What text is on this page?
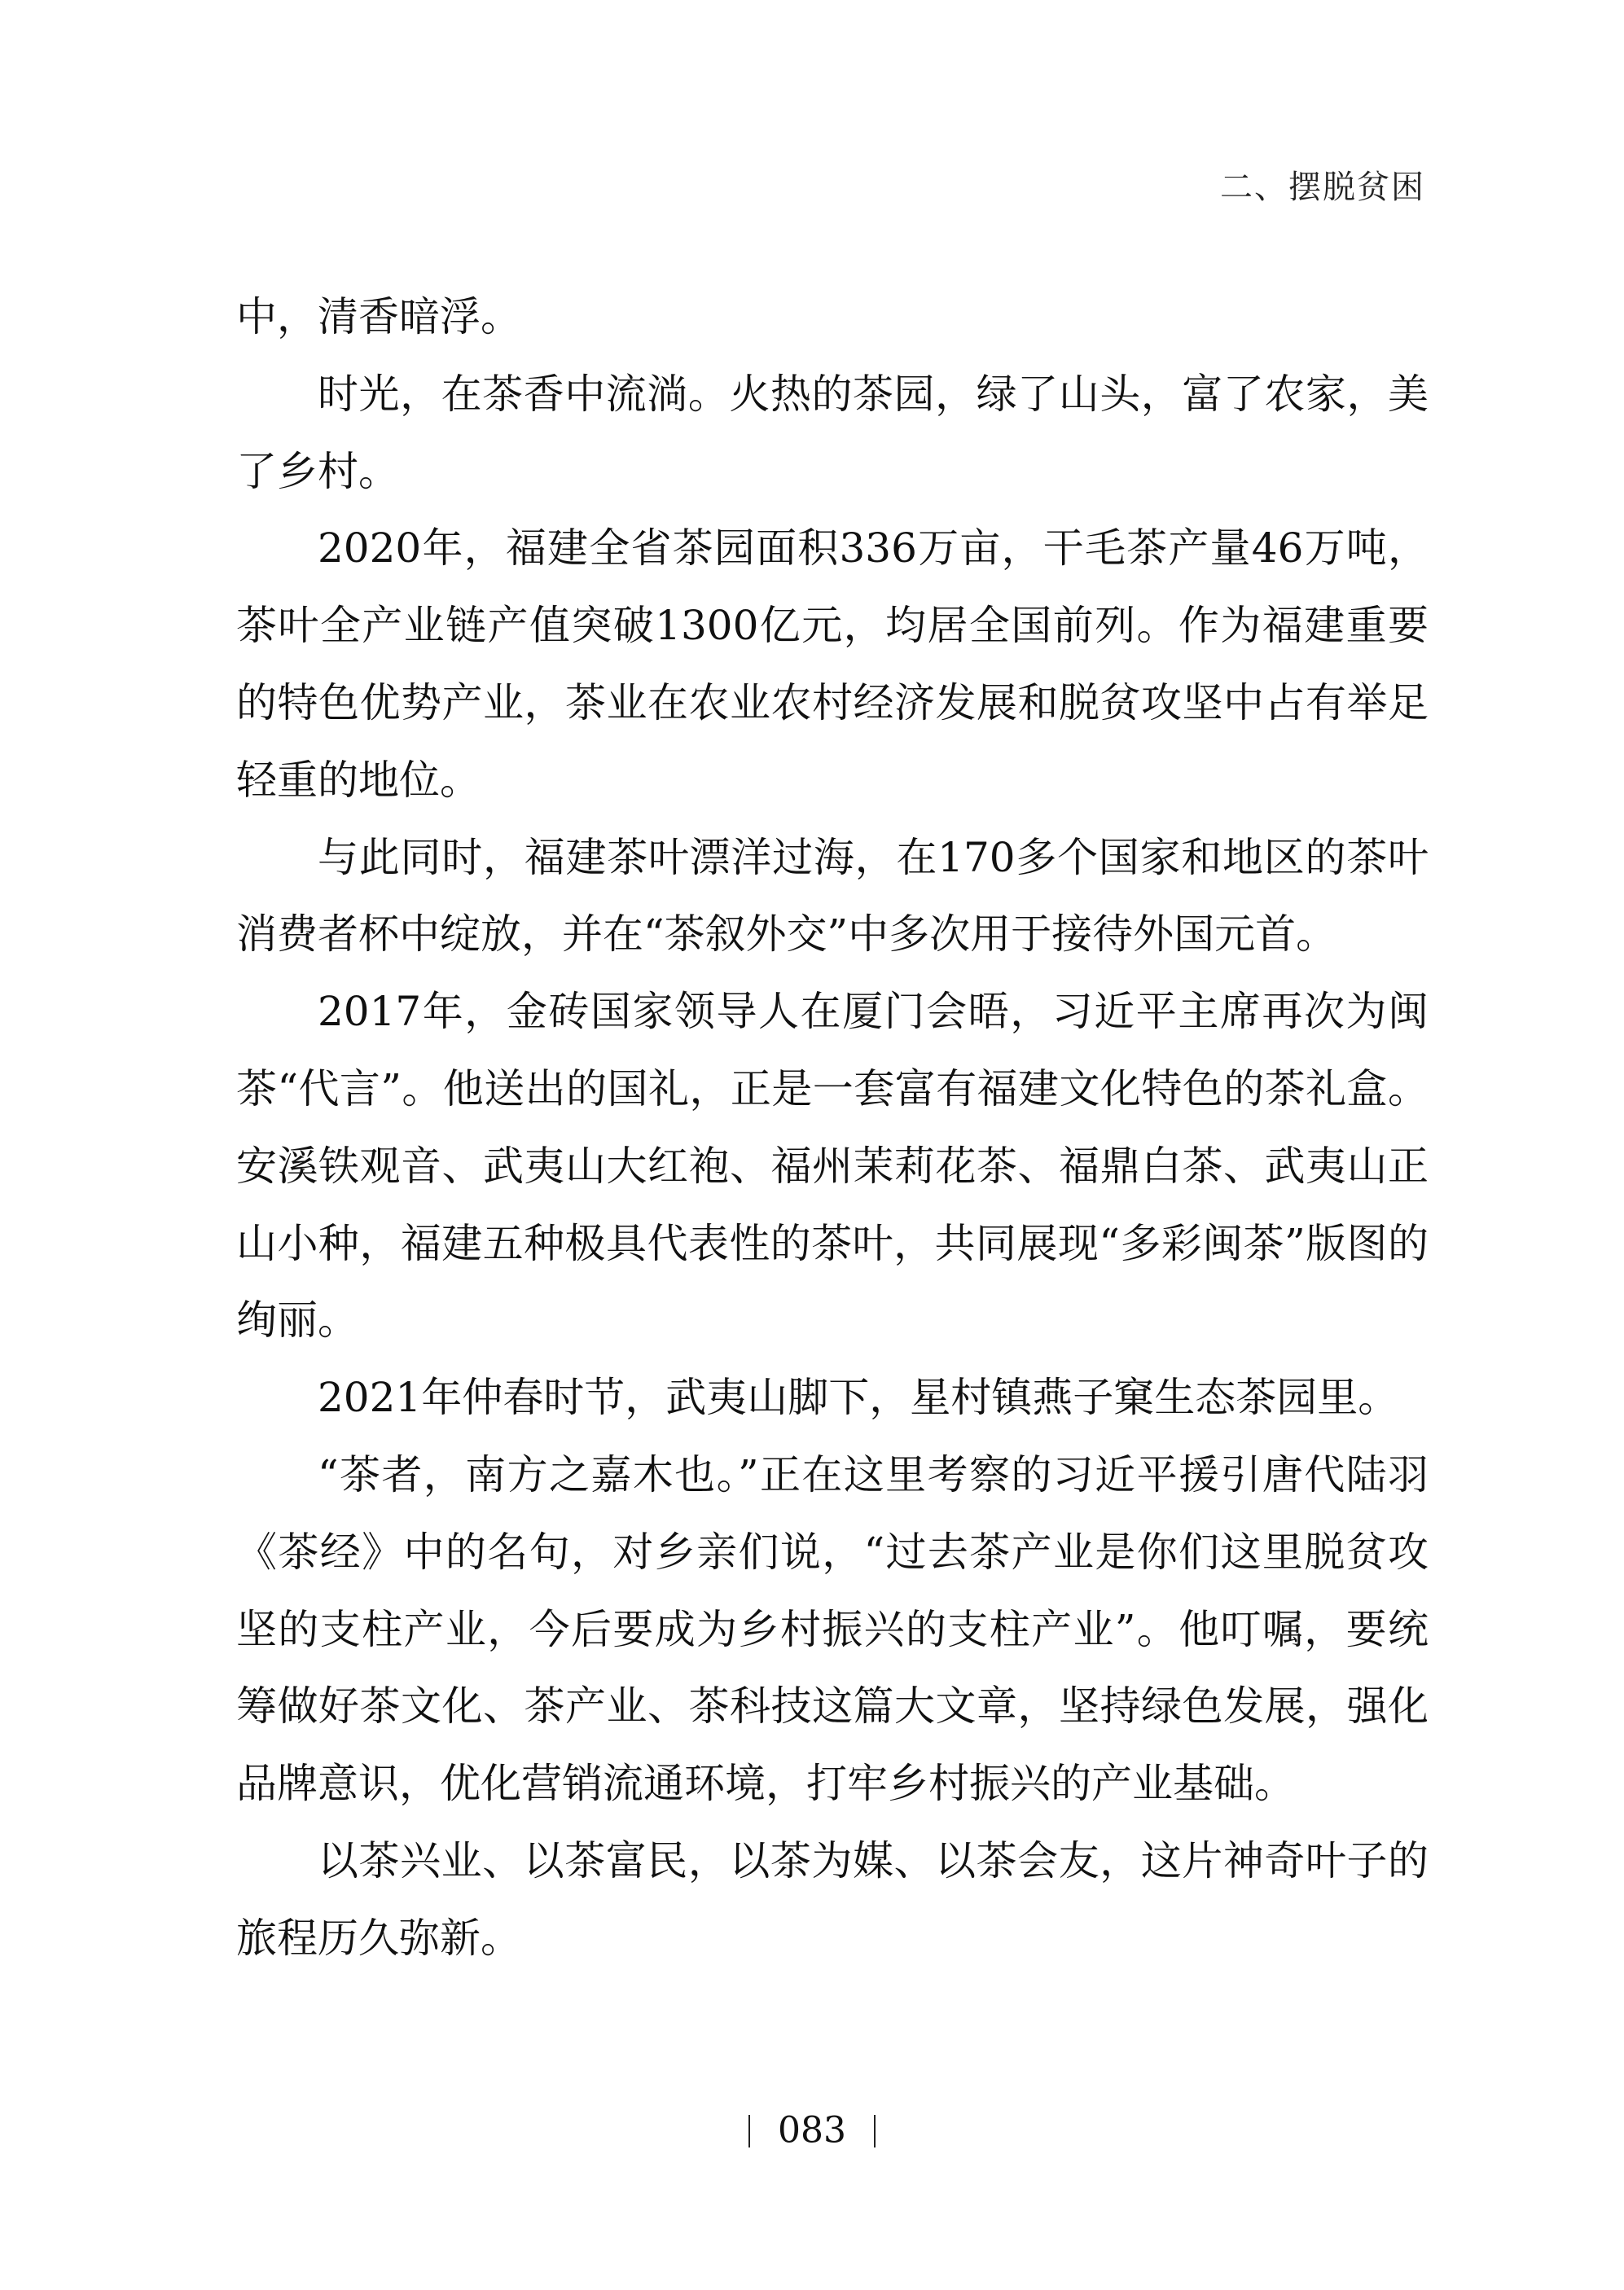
二、摆脱贫困

中，清香暗浮。

时光，在茶香中流淌。火热的茶园，绿了山头，富了农家，美了乡村。

2020年，福建全省茶园面积336万亩，干毛茶产量46万吨，茶叶全产业链产值突破1300亿元，均居全国前列。作为福建重要的特色优势产业，茶业在农业农村经济发展和脱贫攻坚中占有举足轻重的地位。

与此同时，福建茶叶漂洋过海，在170多个国家和地区的茶叶消费者杯中绽放，并在“茶叙外交”中多次用于接待外国元首。

2017年，金砖国家领导人在厦门会晤，习近平主席再次为闽茶“代言”。他送出的国礼，正是一套富有福建文化特色的茶礼盒。安溪铁观音、武夷山大红袍、福州茉莉花茶、福鼎白茶、武夷山正山小种，福建五种极具代表性的茶叶，共同展现“多彩闽茶”版图的绚丽。

2021年仲春时节，武夷山脚下，星村镇燕子窠生态茶园里。

“茶者，南方之嘉木也。”正在这里考察的习近平援引唐代陆羽《茶经》中的名句，对乡亲们说，“过去茶产业是你们这里脱贫攻坚的支柱产业，今后要成为乡村振兴的支柱产业”。他叮嘱，要统筹做好茶文化、茶产业、茶科技这篇大文章，坚持绿色发展，强化品牌意识，优化营销流通环境，打牢乡村振兴的产业基础。

以茶兴业、以茶富民，以茶为媒、以茶会友，这片神奇叶子的旅程历久弥新。

083
